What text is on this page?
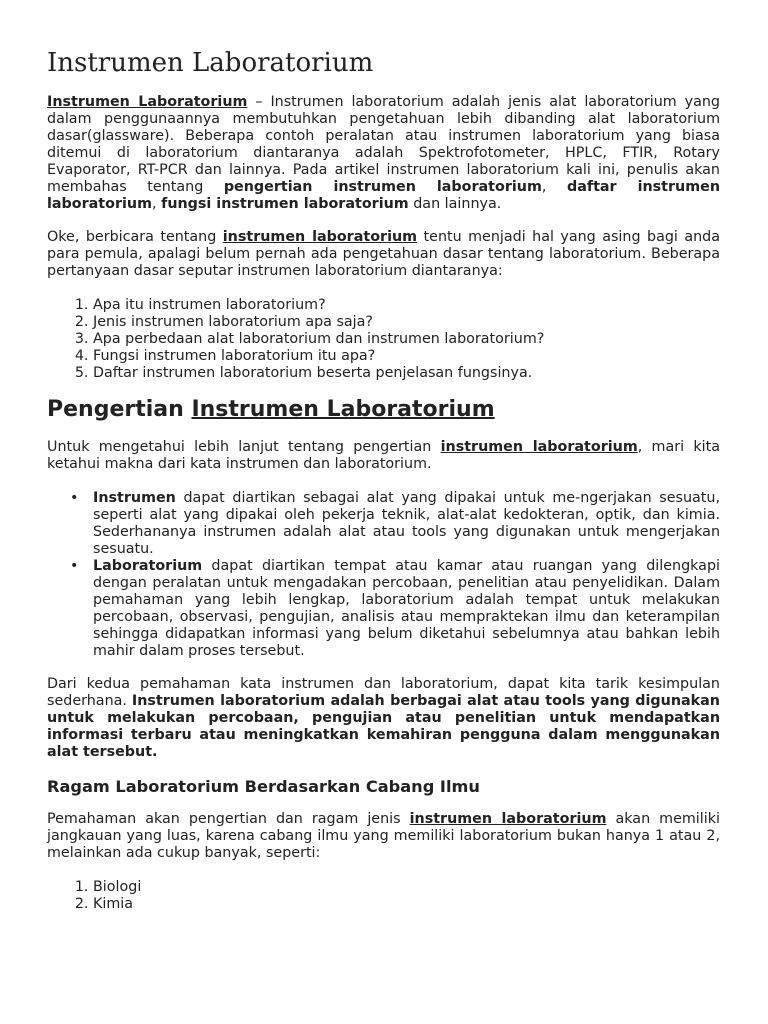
Instrumen Laboratorium

Instrumen Laboratorium – Instrumen laboratorium adalah jenis alat laboratorium yang dalam penggunaannya membutuhkan pengetahuan lebih dibanding alat laboratorium dasar(glassware). Beberapa contoh peralatan atau instrumen laboratorium yang biasa ditemui di laboratorium diantaranya adalah Spektrofotometer, HPLC, FTIR, Rotary Evaporator, RT-PCR dan lainnya. Pada artikel instrumen laboratorium kali ini, penulis akan membahas tentang pengertian instrumen laboratorium, daftar instrumen laboratorium, fungsi instrumen laboratorium dan lainnya.

Oke, berbicara tentang instrumen laboratorium tentu menjadi hal yang asing bagi anda para pemula, apalagi belum pernah ada pengetahuan dasar tentang laboratorium. Beberapa pertanyaan dasar seputar instrumen laboratorium diantaranya:

1. Apa itu instrumen laboratorium?
2. Jenis instrumen laboratorium apa saja?
3. Apa perbedaan alat laboratorium dan instrumen laboratorium?
4. Fungsi instrumen laboratorium itu apa?
5. Daftar instrumen laboratorium beserta penjelasan fungsinya.
Pengertian Instrumen Laboratorium

Untuk mengetahui lebih lanjut tentang pengertian instrumen laboratorium, mari kita ketahui makna dari kata instrumen dan laboratorium.

• Instrumen dapat diartikan sebagai alat yang dipakai untuk me-ngerjakan sesuatu, seperti alat yang dipakai oleh pekerja teknik, alat-alat kedokteran, optik, dan kimia. Sederhananya instrumen adalah alat atau tools yang digunakan untuk mengerjakan sesuatu.
• Laboratorium dapat diartikan tempat atau kamar atau ruangan yang dilengkapi dengan peralatan untuk mengadakan percobaan, penelitian atau penyelidikan. Dalam pemahaman yang lebih lengkap, laboratorium adalah tempat untuk melakukan percobaan, observasi, pengujian, analisis atau mempraktekan ilmu dan keterampilan sehingga didapatkan informasi yang belum diketahui sebelumnya atau bahkan lebih mahir dalam proses tersebut.

Dari kedua pemahaman kata instrumen dan laboratorium, dapat kita tarik kesimpulan sederhana. Instrumen laboratorium adalah berbagai alat atau tools yang digunakan untuk melakukan percobaan, pengujian atau penelitian untuk mendapatkan informasi terbaru atau meningkatkan kemahiran pengguna dalam menggunakan alat tersebut.

Ragam Laboratorium Berdasarkan Cabang Ilmu

Pemahaman akan pengertian dan ragam jenis instrumen laboratorium akan memiliki jangkauan yang luas, karena cabang ilmu yang memiliki laboratorium bukan hanya 1 atau 2, melainkan ada cukup banyak, seperti:

1. Biologi
2. Kimia
